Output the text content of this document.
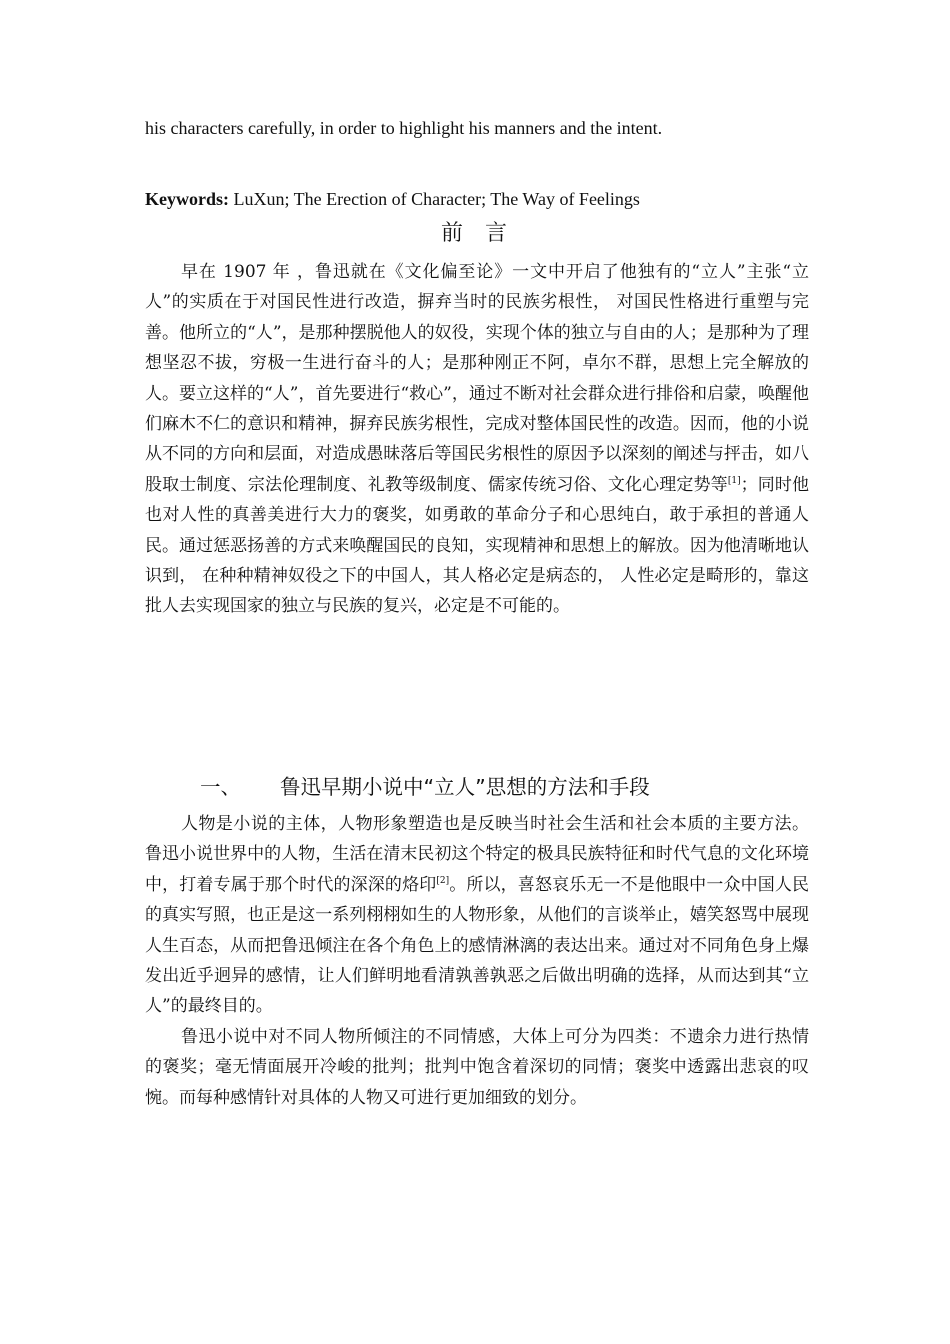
his characters carefully, in order to highlight his manners and the intent.
Keywords: LuXun; The Erection of Character; The Way of Feelings
前 言

早在 1907 年 ，鲁迅就在《文化偏至论》一文中开启了他独有的“立人”主张“立人”的实质在于对国民性进行改造，摒弃当时的民族劣根性， 对国民性格进行重塑与完善。他所立的“人”，是那种摆脱他人的奴役，实现个体的独立与自由的人；是那种为了理想坚忍不拔，穷极一生进行奋斗的人；是那种刚正不阿，卓尔不群，思想上完全解放的人。要立这样的“人”，首先要进行“救心”，通过不断对社会群众进行排俗和启蒙，唤醒他们麻木不仁的意识和精神，摒弃民族劣根性，完成对整体国民性的改造。因而，他的小说从不同的方向和层面，对造成愚昧落后等国民劣根性的原因予以深刻的阐述与抨击，如八股取士制度、宗法伦理制度、礼教等级制度、儒家传统习俗、文化心理定势等[1]；同时他也对人性的真善美进行大力的褒奖，如勇敢的革命分子和心思纯白，敢于承担的普通人民。通过惩恶扬善的方式来唤醒国民的良知，实现精神和思想上的解放。因为他清晰地认识到， 在种种精神奴役之下的中国人，其人格必定是病态的， 人性必定是畸形的，靠这批人去实现国家的独立与民族的复兴，必定是不可能的。

一、 鲁迅早期小说中“立人”思想的方法和手段

人物是小说的主体，人物形象塑造也是反映当时社会生活和社会本质的主要方法。鲁迅小说世界中的人物，生活在清末民初这个特定的极具民族特征和时代气息的文化环境中，打着专属于那个时代的深深的烙印[2]。所以，喜怒哀乐无一不是他眼中一众中国人民的真实写照，也正是这一系列栩栩如生的人物形象，从他们的言谈举止，嬉笑怒骂中展现人生百态，从而把鲁迅倾注在各个角色上的感情淋漓的表达出来。通过对不同角色身上爆发出近乎迥异的感情，让人们鲜明地看清孰善孰恶之后做出明确的选择，从而达到其“立人”的最终目的。

鲁迅小说中对不同人物所倾注的不同情感，大体上可分为四类：不遗余力进行热情的褒奖；毫无情面展开冷峻的批判；批判中饱含着深切的同情；褒奖中透露出悲哀的叹惋。而每种感情针对具体的人物又可进行更加细致的划分。
